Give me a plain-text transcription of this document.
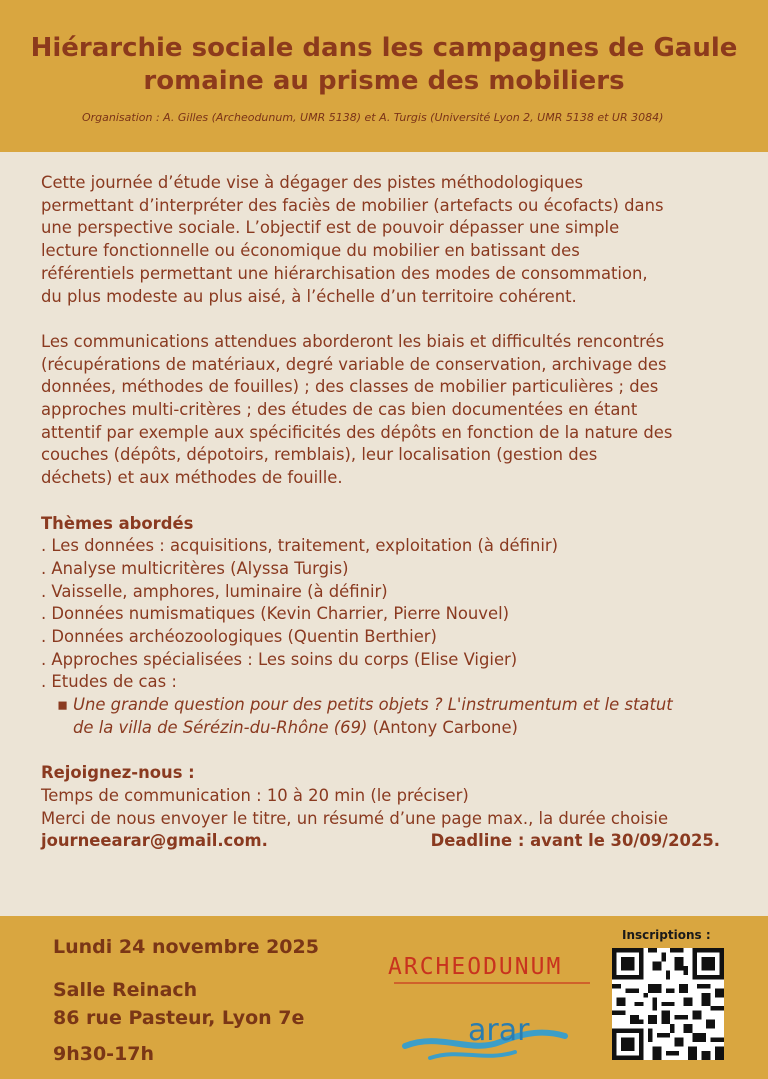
Hiérarchie sociale dans les campagnes de Gaule
romaine au prisme des mobiliers
Organisation : A. Gilles (Archeodunum, UMR 5138) et A. Turgis (Université Lyon 2, UMR 5138 et UR 3084)

Cette journée d’étude vise à dégager des pistes méthodologiques

permettant d’interpréter des faciès de mobilier (artefacts ou écofacts) dans

une perspective sociale. L’objectif est de pouvoir dépasser une simple

lecture fonctionnelle ou économique du mobilier en batissant des

référentiels permettant une hiérarchisation des modes de consommation,

du plus modeste au plus aisé, à l’échelle d’un territoire cohérent.

Les communications attendues aborderont les biais et difficultés rencontrés

(récupérations de matériaux, degré variable de conservation, archivage des

données, méthodes de fouilles) ; des classes de mobilier particulières ; des

approches multi-critères ; des études de cas bien documentées en étant

attentif par exemple aux spécificités des dépôts en fonction de la nature des

couches (dépôts, dépotoirs, remblais), leur localisation (gestion des

déchets) et aux méthodes de fouille.

Thèmes abordés

. Les données : acquisitions, traitement, exploitation (à définir)

. Analyse multicritères (Alyssa Turgis)

. Vaisselle, amphores, luminaire (à définir)

. Données numismatiques (Kevin Charrier, Pierre Nouvel)

. Données archéozoologiques (Quentin Berthier)

. Approches spécialisées : Les soins du corps (Elise Vigier)

. Etudes de cas :

▪ Une grande question pour des petits objets ? L'instrumentum et le statut

de la villa de Sérézin-du-Rhône (69) (Antony Carbone)

Rejoignez-nous :

Temps de communication : 10 à 20 min (le préciser)

Merci de nous envoyer le titre, un résumé d’une page max., la durée choisie

journeearar@gmail.com.	Deadline : avant le 30/09/2025.
Lundi 24 novembre 2025
Salle Reinach
86 rue Pasteur, Lyon 7e
9h30-17h
ARCHEODUNUM
arar
Inscriptions :
